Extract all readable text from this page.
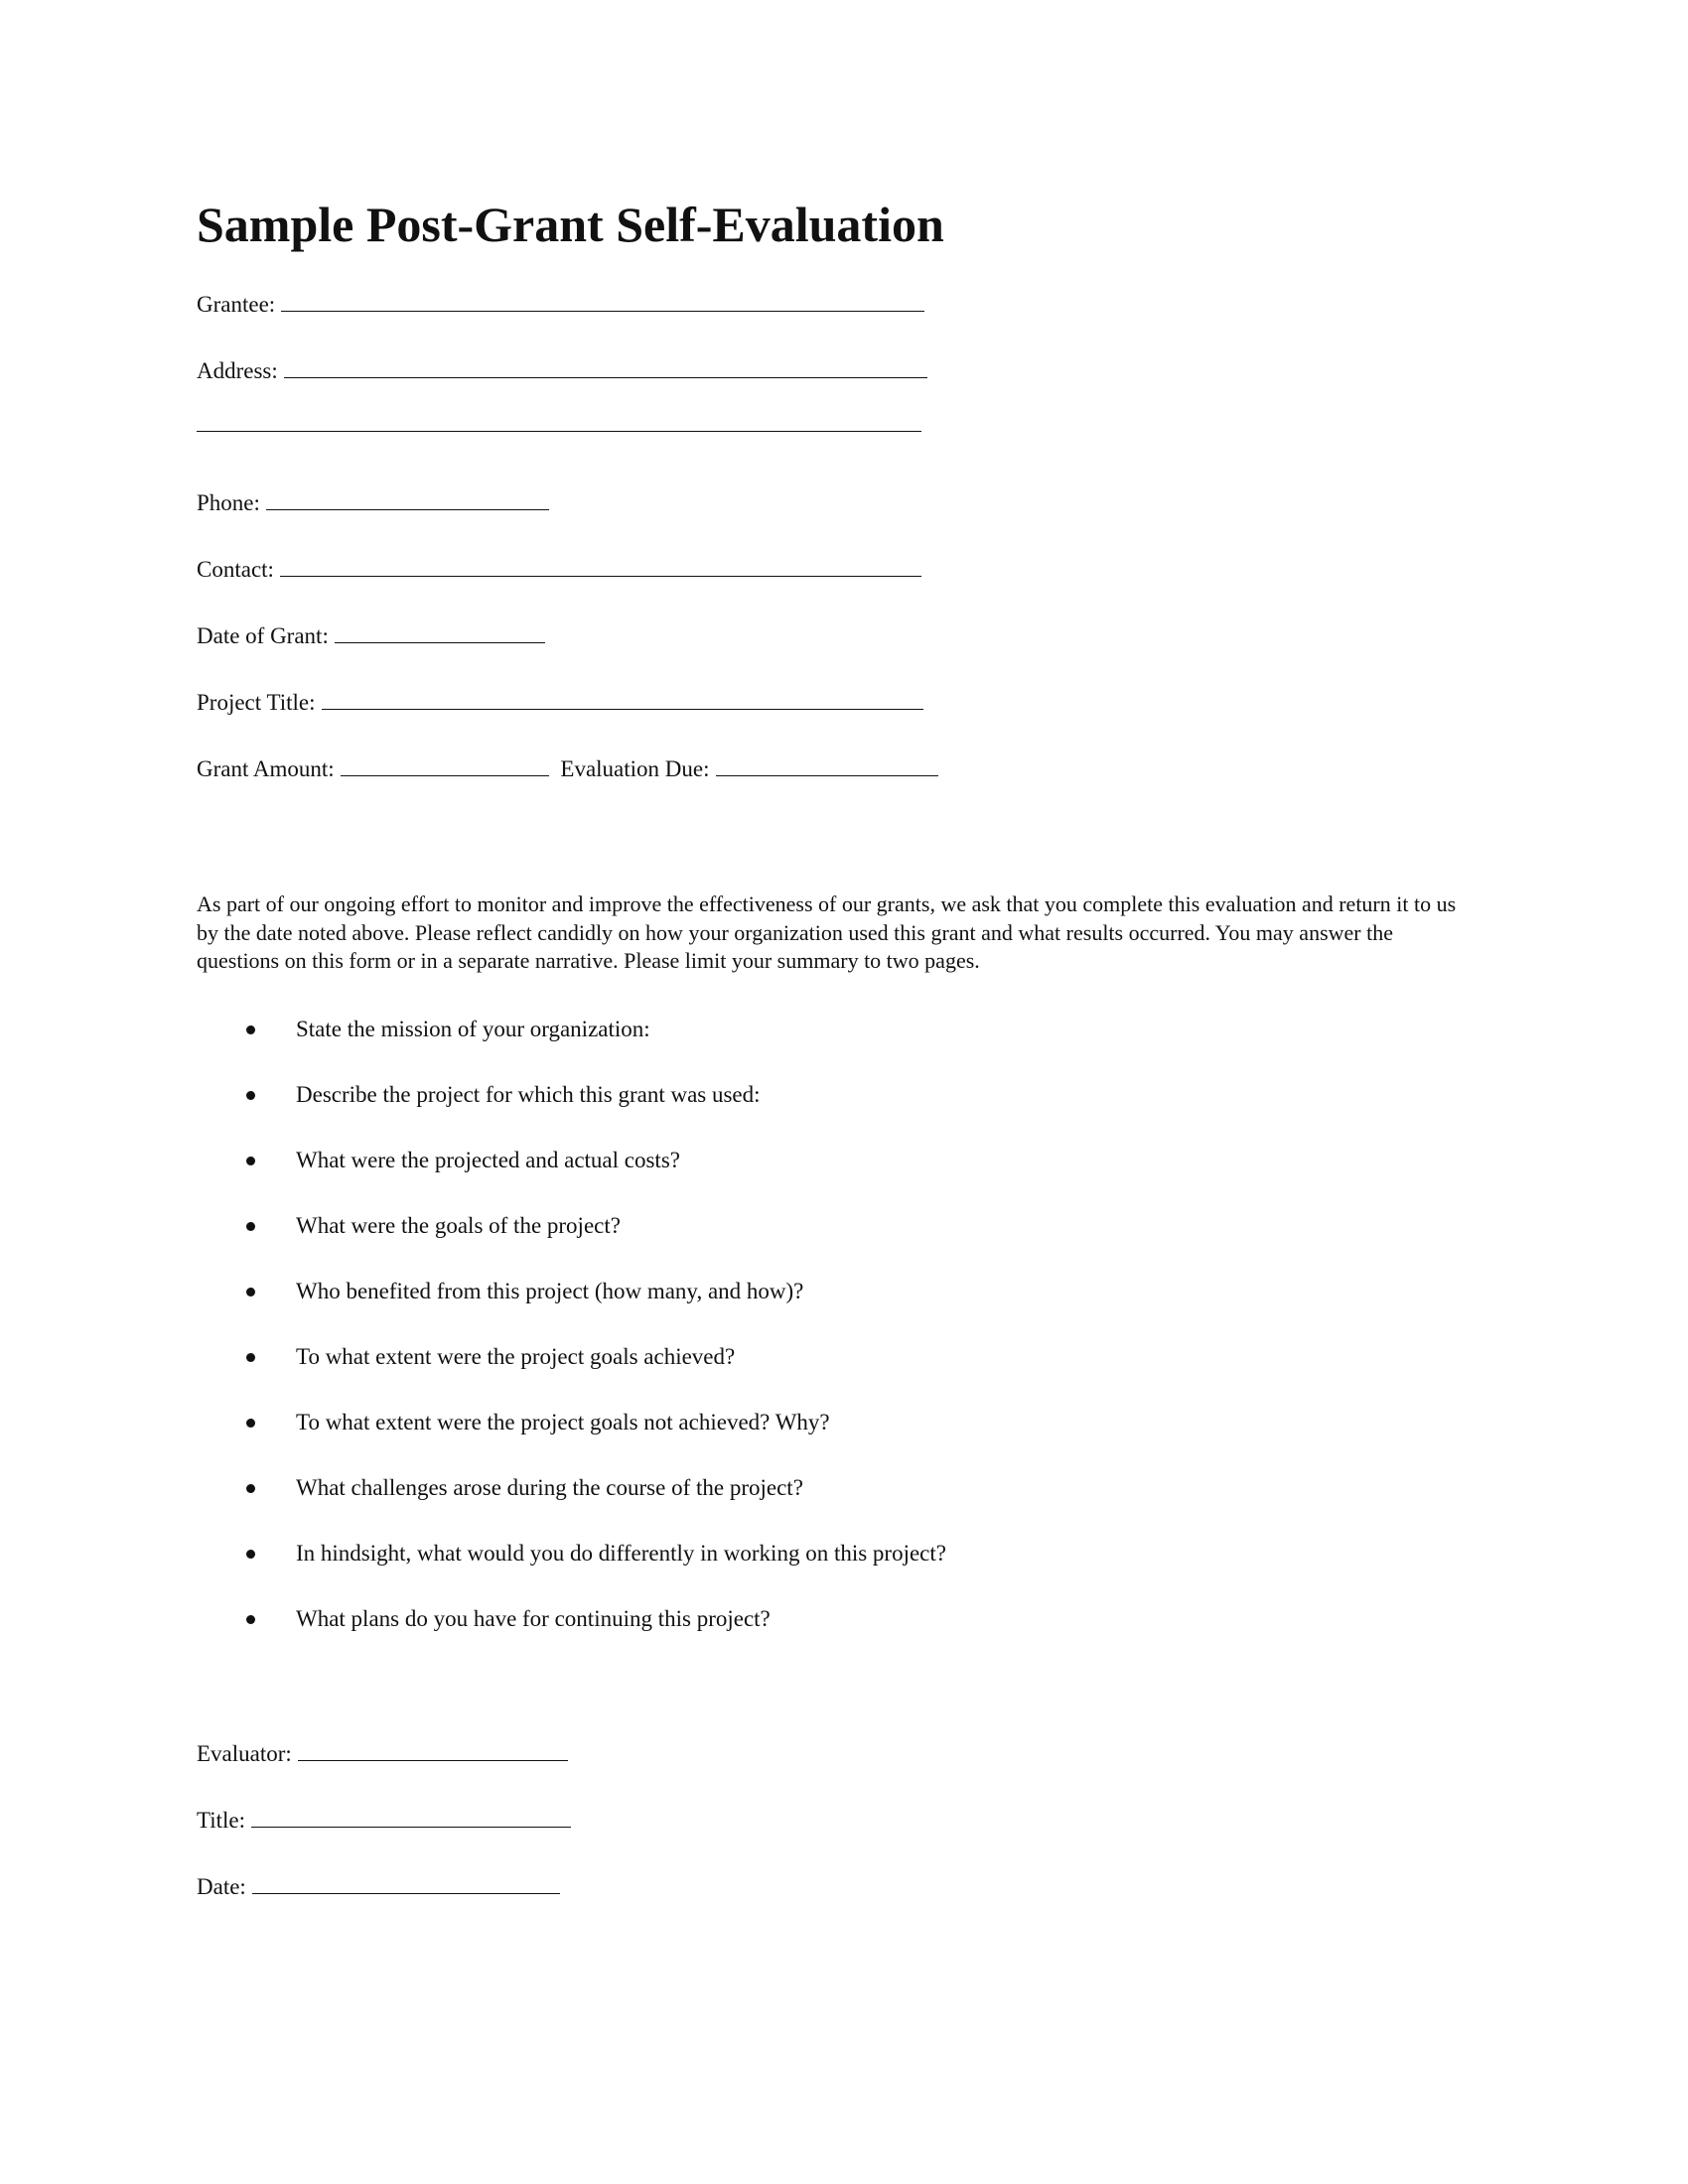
Sample Post-Grant Self-Evaluation
Grantee:
Address:
Phone:
Contact:
Date of Grant:
Project Title:
Grant Amount:	Evaluation Due:

As part of our ongoing effort to monitor and improve the effectiveness of our grants, we ask that you complete this evaluation and return it to us by the date noted above. Please reflect candidly on how your organization used this grant and what results occurred. You may answer the questions on this form or in a separate narrative. Please limit your summary to two pages.

State the mission of your organization:
Describe the project for which this grant was used:
What were the projected and actual costs?
What were the goals of the project?
Who benefited from this project (how many, and how)?
To what extent were the project goals achieved?
To what extent were the project goals not achieved? Why?
What challenges arose during the course of the project?
In hindsight, what would you do differently in working on this project?
What plans do you have for continuing this project?
Evaluator:
Title:
Date:
